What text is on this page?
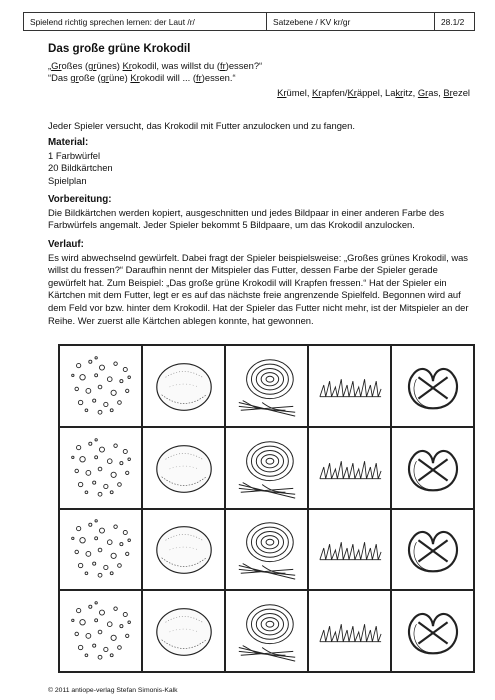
Spielend richtig sprechen lernen: der Laut /r/	Satzebene / KV kr/gr	28.1/2
Das große grüne Krokodil
„Großes (grünes) Krokodil, was willst du (fr)essen?“
“Das große (grüne) Krokodil will ... (fr)essen.“
Krümel, Krapfen/Kräppel, Lakritz, Gras, Brezel
Jeder Spieler versucht, das Krokodil mit Futter anzulocken und zu fangen.
Material:
1 Farbwürfel
20 Bildkärtchen
Spielplan
Vorbereitung:
Die Bildkärtchen werden kopiert, ausgeschnitten und jedes Bildpaar in einer anderen Farbe des Farbwürfels angemalt. Jeder Spieler bekommt 5 Bildpaare, um das Krokodil anzulocken.
Verlauf:
Es wird abwechselnd gewürfelt. Dabei fragt der Spieler beispielsweise: „Großes grünes Krokodil, was willst du fressen?“ Daraufhin nennt der Mitspieler das Futter, dessen Farbe der Spieler gerade gewürfelt hat. Zum Beispiel: „Das große grüne Krokodil will Krapfen fressen.“ Hat der Spieler ein Kärtchen mit dem Futter, legt er es auf das nächste freie angrenzende Spielfeld. Begonnen wird auf dem Feld vor bzw. hinter dem Krokodil. Hat der Spieler das Futter nicht mehr, ist der Mitspieler an der Reihe. Wer zuerst alle Kärtchen ablegen konnte, hat gewonnen.
© 2011 antiope-verlag Stefan Simonis-Kalk
